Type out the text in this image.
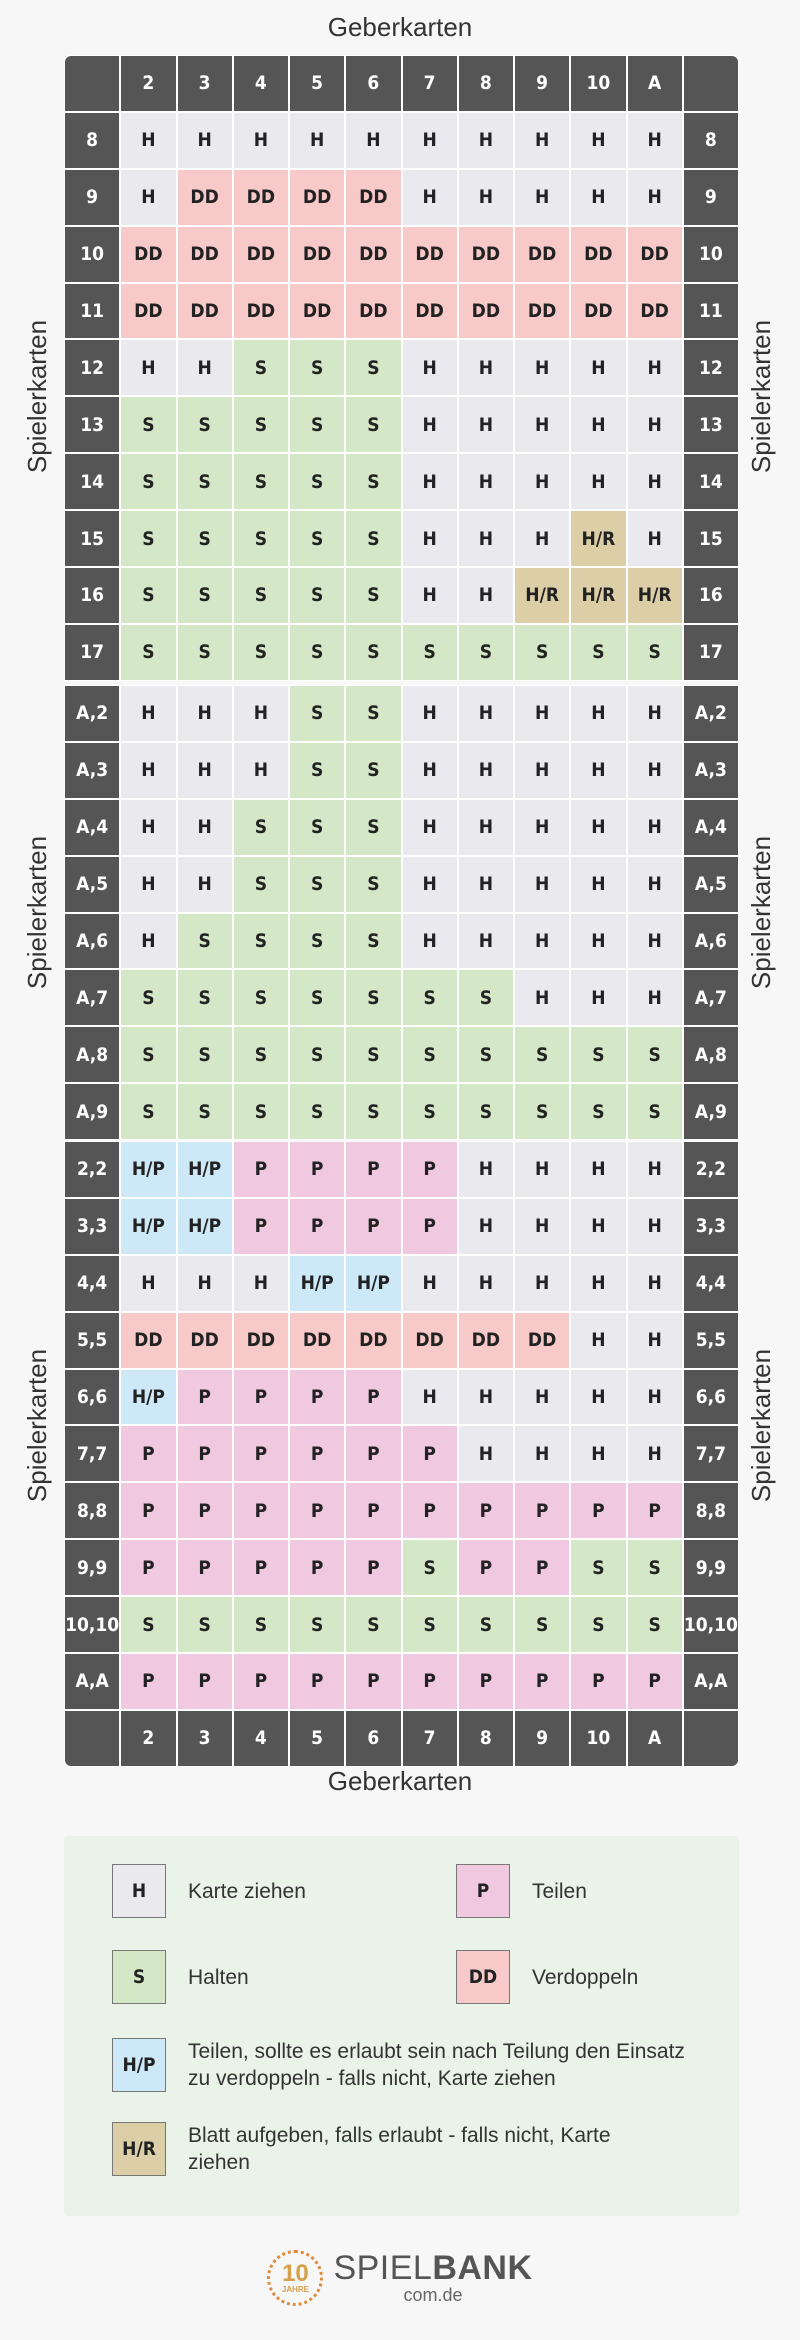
Geberkarten
2	3	4	5	6	7	8	9	10	A
8	H	H	H	H	H	H	H	H	H	H	8
9	H	DD	DD	DD	DD	H	H	H	H	H	9
10	DD	DD	DD	DD	DD	DD	DD	DD	DD	DD	10
11	DD	DD	DD	DD	DD	DD	DD	DD	DD	DD	11
12	H	H	S	S	S	H	H	H	H	H	12
13	S	S	S	S	S	H	H	H	H	H	13
14	S	S	S	S	S	H	H	H	H	H	14
15	S	S	S	S	S	H	H	H	H/R	H	15
16	S	S	S	S	S	H	H	H/R	H/R	H/R	16
17	S	S	S	S	S	S	S	S	S	S	17
Spielerkarten	Spielerkarten
A,2	H	H	H	S	S	H	H	H	H	H	A,2
A,3	H	H	H	S	S	H	H	H	H	H	A,3
A,4	H	H	S	S	S	H	H	H	H	H	A,4
A,5	H	H	S	S	S	H	H	H	H	H	A,5
A,6	H	S	S	S	S	H	H	H	H	H	A,6
A,7	S	S	S	S	S	S	S	H	H	H	A,7
A,8	S	S	S	S	S	S	S	S	S	S	A,8
A,9	S	S	S	S	S	S	S	S	S	S	A,9
Spielerkarten	Spielerkarten
2,2	H/P	H/P	P	P	P	P	H	H	H	H	2,2
3,3	H/P	H/P	P	P	P	P	H	H	H	H	3,3
4,4	H	H	H	H/P	H/P	H	H	H	H	H	4,4
5,5	DD	DD	DD	DD	DD	DD	DD	DD	H	H	5,5
6,6	H/P	P	P	P	P	H	H	H	H	H	6,6
7,7	P	P	P	P	P	P	H	H	H	H	7,7
8,8	P	P	P	P	P	P	P	P	P	P	8,8
9,9	P	P	P	P	P	S	P	P	S	S	9,9
10,10	S	S	S	S	S	S	S	S	S	S	10,10
A,A	P	P	P	P	P	P	P	P	P	P	A,A
2	3	4	5	6	7	8	9	10	A
Spielerkarten	Spielerkarten
Geberkarten
H	Karte ziehen	P	Teilen
S	Halten	DD	Verdoppeln
H/P
Teilen, sollte es erlaubt sein nach Teilung den Einsatz zu verdoppeln - falls nicht, Karte ziehen
H/R
Blatt aufgeben, falls erlaubt - falls nicht, Karte ziehen
10
JAHRE
SPIELBANK
com.de
